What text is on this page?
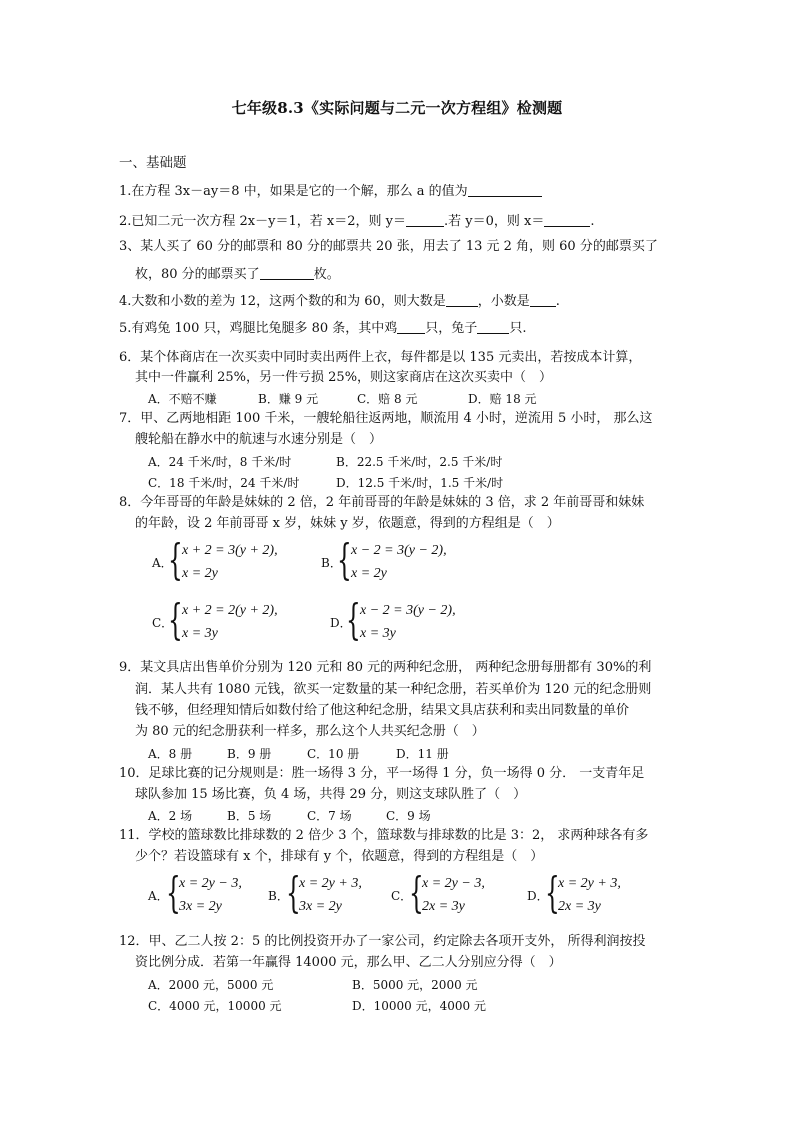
七年级8.3《实际问题与二元一次方程组》检测题
一、基础题
1.在方程 3x－ay＝8 中，如果是它的一个解，那么 a 的值为
2.已知二元一次方程 2x－y＝1，若 x＝2，则 y＝	.若 y＝0，则 x＝	.
3、某人买了 60 分的邮票和 80 分的邮票共 20 张，用去了 13 元 2 角，则 60 分的邮票买了
枚，80 分的邮票买了	枚。
4.大数和小数的差为 12，这两个数的和为 60，则大数是 ，小数是 .
5.有鸡兔 100 只，鸡腿比兔腿多 80 条，其中鸡 只，兔子 只.
6．某个体商店在一次买卖中同时卖出两件上衣，每件都是以 135 元卖出，若按成本计算，
其中一件赢利 25%，另一件亏损 25%，则这家商店在这次买卖中（　）
A．不赔不赚	B．赚 9 元	C．赔 8 元	D．赔 18 元
7．甲、乙两地相距 100 千米，一艘轮船往返两地，顺流用 4 小时，逆流用 5 小时， 那么这
艘轮船在静水中的航速与水速分别是（　）
A．24 千米/时，8 千米/时	B．22.5 千米/时，2.5 千米/时
C．18 千米/时，24 千米/时	D．12.5 千米/时，1.5 千米/时
8．今年哥哥的年龄是妹妹的 2 倍，2 年前哥哥的年龄是妹妹的 3 倍，求 2 年前哥哥和妹妹
的年龄，设 2 年前哥哥 x 岁，妹妹 y 岁，依题意，得到的方程组是（　）
A．
{ x + 2 = 3(y + 2),
x = 2y
B．
{ x − 2 = 3(y − 2),
x = 2y
C．
{ x + 2 = 2(y + 2),
x = 3y
D．
{ x − 2 = 3(y − 2),
x = 3y
9．某文具店出售单价分别为 120 元和 80 元的两种纪念册， 两种纪念册每册都有 30%的利
润．某人共有 1080 元钱，欲买一定数量的某一种纪念册，若买单价为 120 元的纪念册则
钱不够，但经理知情后如数付给了他这种纪念册，结果文具店获利和卖出同数量的单价
为 80 元的纪念册获利一样多，那么这个人共买纪念册（　）
A．8 册	B．9 册	C．10 册	D．11 册
10．足球比赛的记分规则是：胜一场得 3 分，平一场得 1 分，负一场得 0 分． 一支青年足
球队参加 15 场比赛，负 4 场，共得 29 分，则这支球队胜了（　）
A．2 场	B．5 场	C．7 场	C．9 场
11．学校的篮球数比排球数的 2 倍少 3 个，篮球数与排球数的比是 3：2， 求两种球各有多
少个？若设篮球有 x 个，排球有 y 个，依题意，得到的方程组是（　）
A．
{
x = 2y − 3,
3x = 2y
B．
{
x = 2y + 3,
3x = 2y
C．
{
x = 2y − 3,
2x = 3y
D．
{
x = 2y + 3,
2x = 3y
12．甲、乙二人按 2：5 的比例投资开办了一家公司，约定除去各项开支外， 所得利润按投
资比例分成．若第一年赢得 14000 元，那么甲、乙二人分别应分得（　）
A．2000 元，5000 元	B．5000 元，2000 元
C．4000 元，10000 元	D．10000 元，4000 元
